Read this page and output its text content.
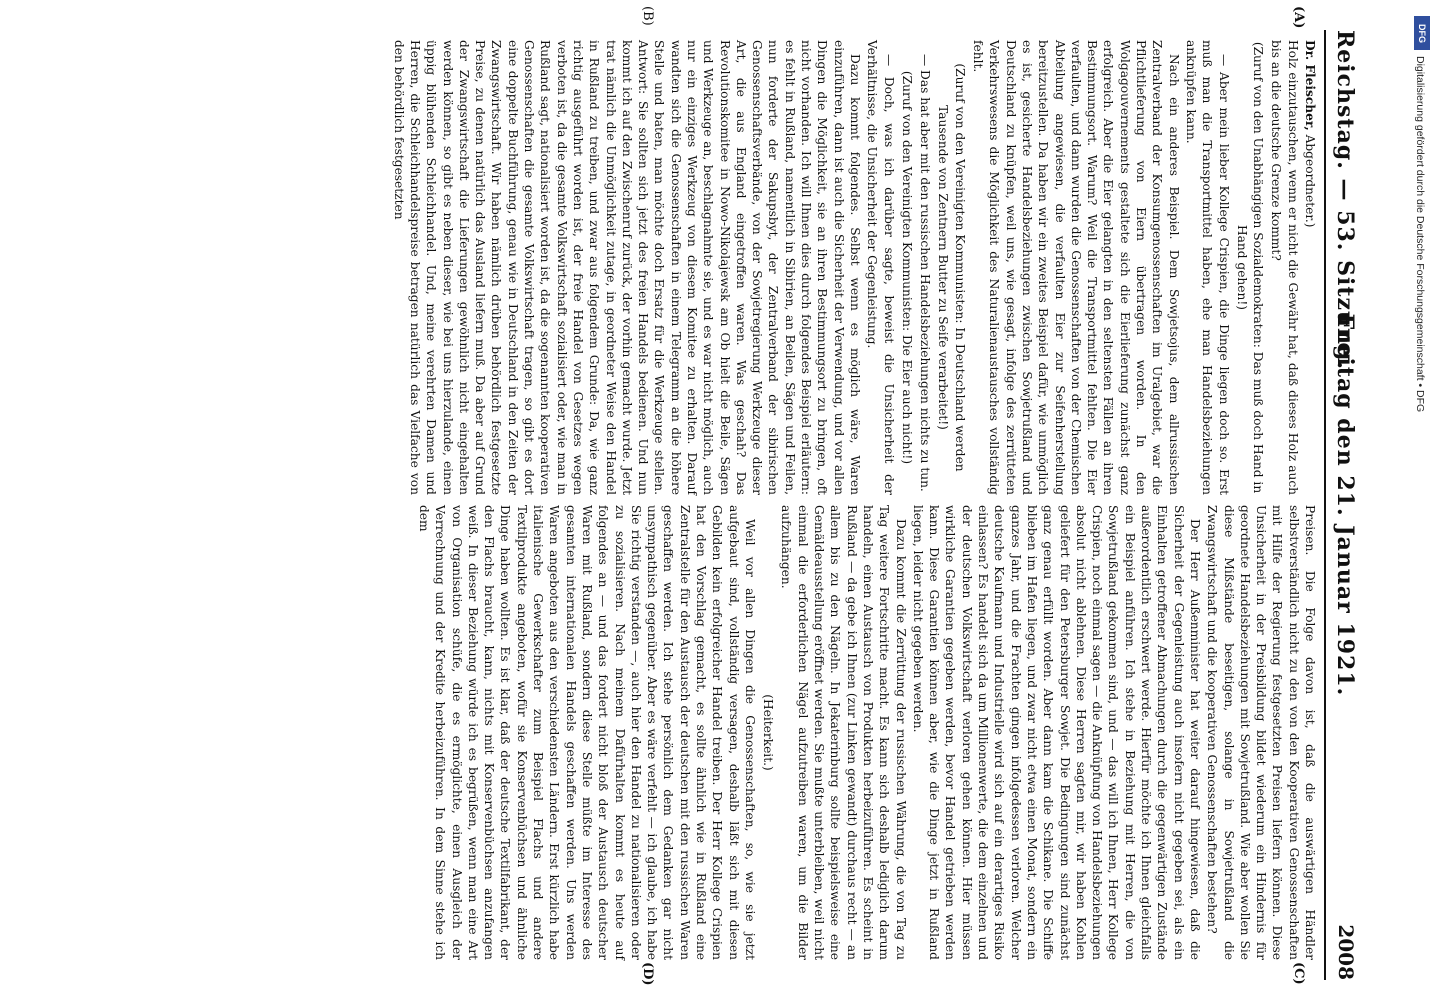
Reichstag. — 53. Sitzung.
Freitag den 21. Januar 1921.
2008
(A)
(B)
(C)
(D)

Dr. Fleischer, Abgeordneter.)

Holz einzutauschen, wenn er nicht die Gewähr hat, daß dieses Holz auch bis an die deutsche Grenze kommt?

(Zuruf von den Unabhängigen Sozialdemokraten: Das muß doch Hand in Hand gehen!)

— Aber mein lieber Kollege Crispien, die Dinge liegen doch so. Erst muß man die Transportmittel haben, ehe man Handelsbeziehungen anknüpfen kann.

Nach ein anderes Beispiel. Dem Sowjetsojus, dem allrussischen Zentralverband der Konsumgenossenschaften im Uralgebiet, war die Pflichtlieferung von Eiern übertragen worden. In den Wolgagouvernements gestaltete sich die Eierlieferung zunächst ganz erfolgreich. Aber die Eier gelangten in den seltensten Fällen an ihren Bestimmungsort. Warum? Weil die Transportmittel fehlten. Die Eier verfaulten, und dann wurden die Genossenschaften von der Chemischen Abteilung angewiesen, die verfaulten Eier zur Seifenherstellung bereitzustellen. Da haben wir ein zweites Beispiel dafür, wie unmöglich es ist, gesicherte Handelsbeziehungen zwischen Sowjetrußland und Deutschland zu knüpfen, weil uns, wie gesagt, infolge des zerrütteten Verkehrswesens die Möglichkeit des Naturalienaustausches vollständig fehlt.

(Zuruf von den Vereinigten Kommunisten: In Deutschland werden Tausende von Zentnern Butter zu Seife verarbeitet!)

— Das hat aber mit den russischen Handelsbeziehungen nichts zu tun.

(Zuruf von den Vereinigten Kommunisten: Die Eier auch nicht!)

— Doch, was ich darüber sagte, beweist die Unsicherheit der Verhältnisse, die Unsicherheit der Gegenleistung.

Dazu kommt folgendes. Selbst wenn es möglich wäre, Waren einzuführen, dann ist auch die Sicherheit der Verwendung, und vor allen Dingen die Möglichkeit, sie an ihren Bestimmungsort zu bringen, oft nicht vorhanden. Ich will Ihnen dies durch folgendes Beispiel erläutern: es fehlt in Rußland, namentlich in Sibirien, an Beilen, Sägen und Feilen, nun forderte der Sakupsbyt, der Zentralverband der sibirischen Genossenschaftsverbände, von der Sowjetregierung Werkzeuge dieser Art, die aus England eingetroffen waren. Was geschah? Das Revolutionskomitee in Nowo-Nikolajewsk am Ob hielt die Beile, Sägen und Werkzeuge an, beschlagnahmte sie, und es war nicht möglich, auch nur ein einziges Werkzeug von diesem Komitee zu erhalten. Darauf wandten sich die Genossenschaften in einem Telegramm an die höhere Stelle und baten, man möchte doch Ersatz für die Werkzeuge stellen. Antwort: Sie sollten sich jetzt des freien Handels bedienen. Und nun kommt ich auf den Zwischenruf zurück, der vorhin gemacht wurde. Jetzt trat nämlich die Unmöglichkeit zutage, in geordneter Weise den Handel in Rußland zu treiben, und zwar aus folgendem Grunde: Da, wie ganz richtig ausgeführt worden ist, der freie Handel von Gesetzes wegen verboten ist, da die gesamte Volkswirtschaft sozialisiert oder, wie man in Rußland sagt, nationalisiert worden ist, da die sogenannten kooperativen Genossenschaften die gesamte Volkswirtschaft tragen, so gibt es dort eine doppelte Buchführung, genau wie in Deutschland in den Zeiten der Zwangswirtschaft. Wir haben nämlich drüben behördlich festgesetzte Preise, zu denen natürlich das Ausland liefern muß. Da aber auf Grund der Zwangswirtschaft die Lieferungen gewöhnlich nicht eingehalten werden können, so gibt es neben dieser, wie bei uns hierzulande, einen üppig blühenden Schleichhandel. Und, meine verehrten Damen und Herren, die Schleichhandelspreise betragen natürlich das Vielfache von den behördlich festgesetzten

Preisen. Die Folge davon ist, daß die auswärtigen Händler selbstverständlich nicht zu den von den Kooperativen Genossenschaften mit Hilfe der Regierung festgesetzten Preisen liefern können. Diese Unsicherheit in der Preisbildung bildet wiederum ein Hindernis für geordnete Handelsbeziehungen mit Sowjetrußland. Wie aber wollen Sie diese Mißstände beseitigen, solange in Sowjetrußland die Zwangswirtschaft und die kooperativen Genossenschaften bestehen?

Der Herr Außenminister hat weiter darauf hingewiesen, daß die Sicherheit der Gegenleistung auch insofern nicht gegeben sei, als ein Einhalten getroffener Abmachungen durch die gegenwärtigen Zustände außerordentlich erschwert werde. Hierfür möchte ich Ihnen gleichfalls ein Beispiel anführen. Ich stehe in Beziehung mit Herren, die von Sowjetrußland gekommen sind, und — das will ich Ihnen, Herr Kollege Crispien, noch einmal sagen — die Anknüpfung von Handelsbeziehungen absolut nicht ablehnen. Diese Herren sagten mir, wir haben Kohlen geliefert für den Petersburger Sowjet. Die Bedingungen sind zunächst ganz genau erfüllt worden. Aber dann kam die Schikane. Die Schiffe blieben im Hafen liegen, und zwar nicht etwa einen Monat, sondern ein ganzes Jahr, und die Frachten gingen infolgedessen verloren. Welcher deutsche Kaufmann und Industrielle wird sich auf ein derartiges Risiko einlassen? Es handelt sich da um Millionenwerte, die dem einzelnen und der deutschen Volkswirtschaft verloren gehen können. Hier müssen wirkliche Garantien gegeben werden, bevor Handel getrieben werden kann. Diese Garantien können aber, wie die Dinge jetzt in Rußland liegen, leider nicht gegeben werden.

Dazu kommt die Zerrüttung der russischen Währung, die von Tag zu Tag weitere Fortschritte macht. Es kann sich deshalb lediglich darum handeln, einen Austausch von Produkten herbeizuführen. Es scheint in Rußland — da gebe ich Ihnen (zur Linken gewandt) durchaus recht — an allem bis zu den Nägeln. In Jekaterinburg sollte beispielsweise eine Gemäldeausstellung eröffnet werden. Sie mußte unterbleiben, weil nicht einmal die erforderlichen Nägel aufzutreiben waren, um die Bilder aufzuhängen.

(Heiterkeit.)

Weil vor allen Dingen die Genossenschaften, so, wie sie jetzt aufgebaut sind, vollständig versagen, deshalb läßt sich mit diesen Gebilden kein erfolgreicher Handel treiben. Der Herr Kollege Crispien hat den Vorschlag gemacht, es sollte ähnlich wie in Rußland eine Zentralstelle für den Austausch der deutschen mit den russischen Waren geschaffen werden. Ich stehe persönlich dem Gedanken gar nicht unsympathisch gegenüber. Aber es wäre verfehlt — ich glaube, ich habe Sie richtig verstanden —, auch hier den Handel zu nationalisieren oder zu sozialisieren. Nach meinem Dafürhalten kommt es heute auf folgendes an — und das fordert nicht bloß der Austausch deutscher Waren mit Rußland, sondern diese Stelle müßte im Interesse des gesamten internationalen Handels geschaffen werden. Uns werden Waren angeboten aus den verschiedensten Ländern. Erst kürzlich habe italienische Gewerkschafter zum Beispiel Flachs und andere Textilprodukte angeboten, wofür sie Konservenbüchsen und ähnliche Dinge haben wollten. Es ist klar, daß der deutsche Textilfabrikant, der den Flachs braucht, kann, nichts mit Konservenbüchsen anzufangen weiß. In dieser Beziehung würde ich es begrüßen, wenn man eine Art von Organisation schüfe, die es ermöglichte, einen Ausgleich der Verrechnung und der Kredite herbeizuführen. In dem Sinne stehe ich dem

DFG
Digitalisierung gefördert durch die Deutsche Forschungsgemeinschaft • DFG
